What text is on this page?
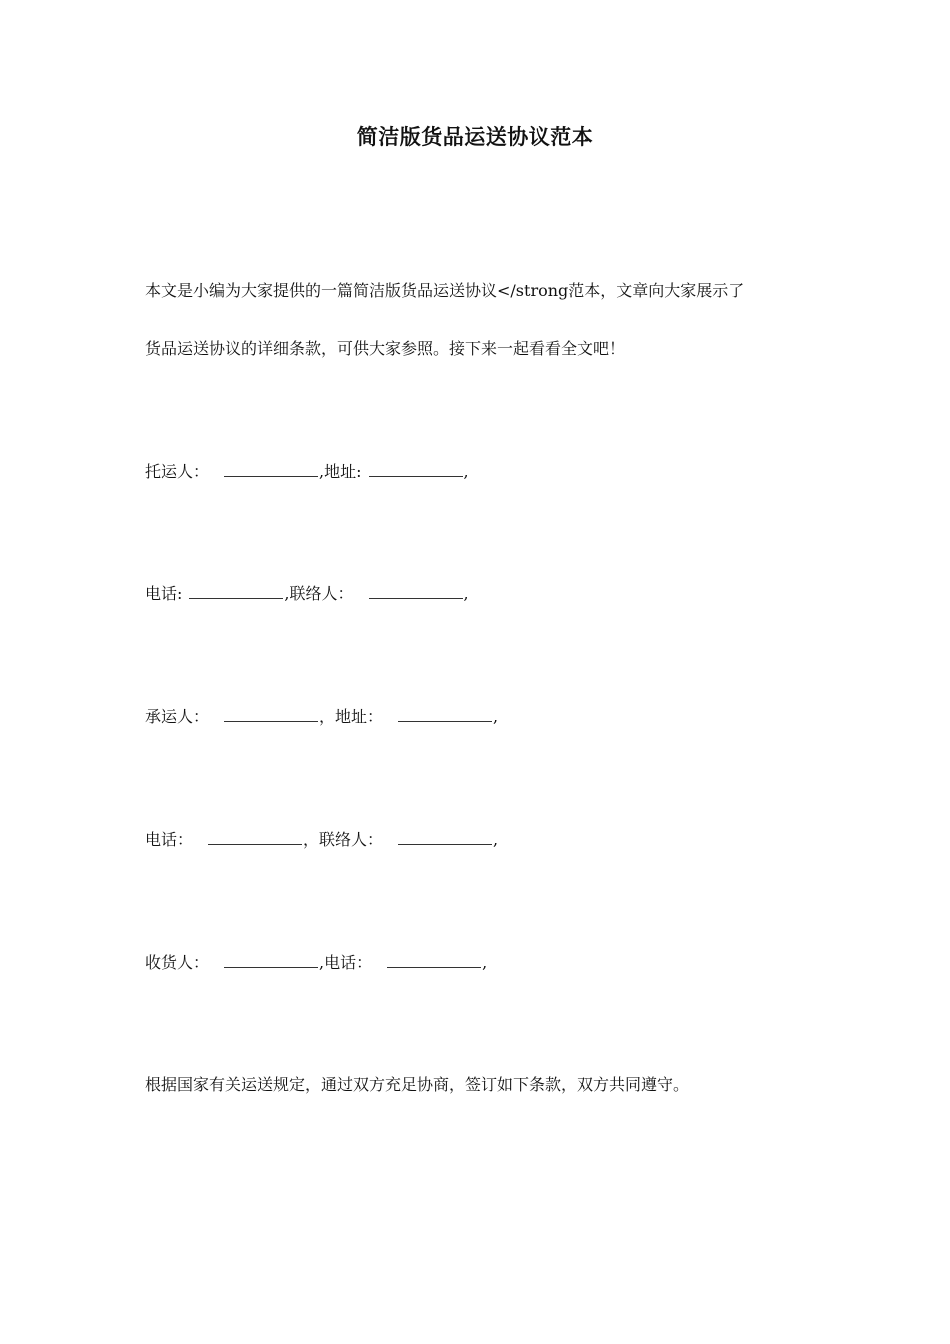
简洁版货品运送协议范本
本文是小编为大家提供的一篇简洁版货品运送协议</strong范本，文章向大家展示了
货品运送协议的详细条款，可供大家参照。接下来一起看看全文吧！
托运人：	,地址:	,
电话:	,联络人：	,
承运人：	，地址：	,
电话：	，联络人：	,
收货人：	,电话：	,
根据国家有关运送规定，通过双方充足协商，签订如下条款，双方共同遵守。
